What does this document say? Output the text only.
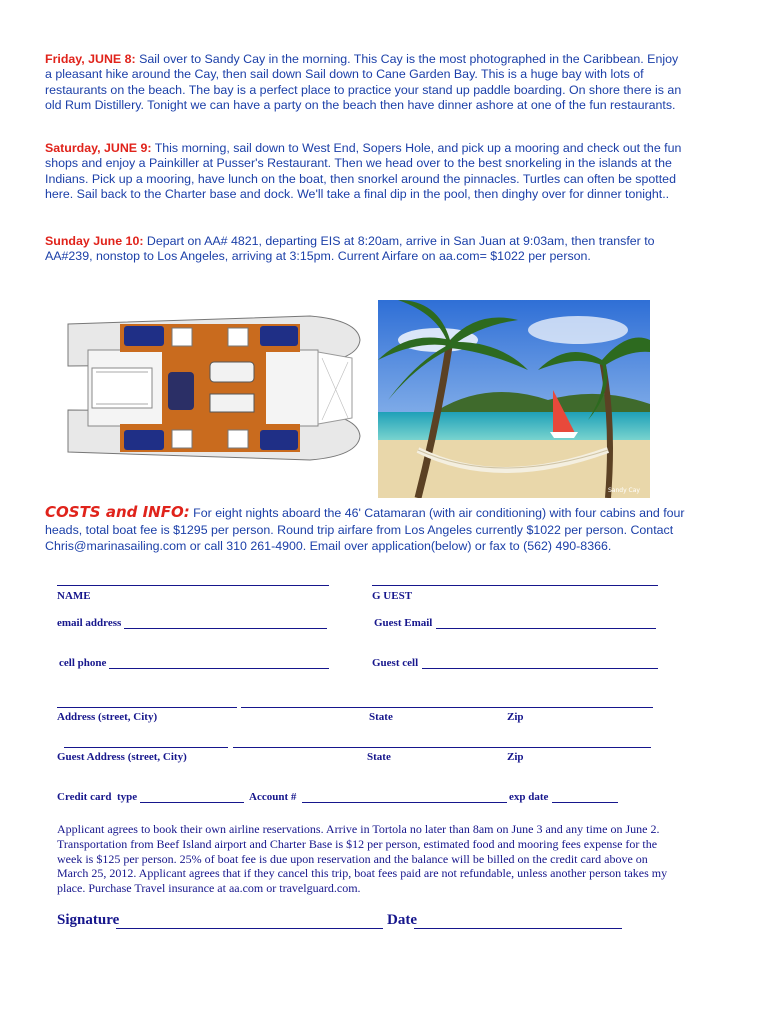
Friday, JUNE 8: Sail over to Sandy Cay in the morning. This Cay is the most photographed in the Caribbean. Enjoy a pleasant hike around the Cay, then sail down Sail down to Cane Garden Bay. This is a huge bay with lots of restaurants on the beach. The bay is a perfect place to practice your stand up paddle boarding. On shore there is an old Rum Distillery. Tonight we can have a party on the beach then have dinner ashore at one of the fun restaurants.
Saturday, JUNE 9: This morning, sail down to West End, Sopers Hole, and pick up a mooring and check out the fun shops and enjoy a Painkiller at Pusser's Restaurant. Then we head over to the best snorkeling in the islands at the Indians. Pick up a mooring, have lunch on the boat, then snorkel around the pinnacles. Turtles can often be spotted here. Sail back to the Charter base and dock. We'll take a final dip in the pool, then dinghy over for dinner tonight..
Sunday June 10: Depart on AA# 4821, departing EIS at 8:20am, arrive in San Juan at 9:03am, then transfer to AA#239, nonstop to Los Angeles, arriving at 3:15pm. Current Airfare on aa.com= $1022 per person.
Sandy Cay
COSTS and INFO: For eight nights aboard the 46' Catamaran (with air conditioning) with four cabins and four heads, total boat fee is $1295 per person. Round trip airfare from Los Angeles currently $1022 per person. Contact Chris@marinasailing.com or call 310 261-4900. Email over application(below) or fax to (562) 490-8366.
NAME	G UEST
email address	Guest Email
cell phone	Guest cell
Address (street, City)	State	Zip
Guest Address (street, City)	State	Zip
Credit card  type	Account #	exp date
Applicant agrees to book their own airline reservations. Arrive in Tortola no later than 8am on June 3 and any time on June 2. Transportation from Beef Island airport and Charter Base is $12 per person, estimated food and mooring fees expense for the week is $125 per person. 25% of boat fee is due upon reservation and the balance will be billed on the credit card above on March 25, 2012. Applicant agrees that if they cancel this trip, boat fees paid are not refundable, unless another person takes my place. Purchase Travel insurance at aa.com or travelguard.com.
Signature	Date
